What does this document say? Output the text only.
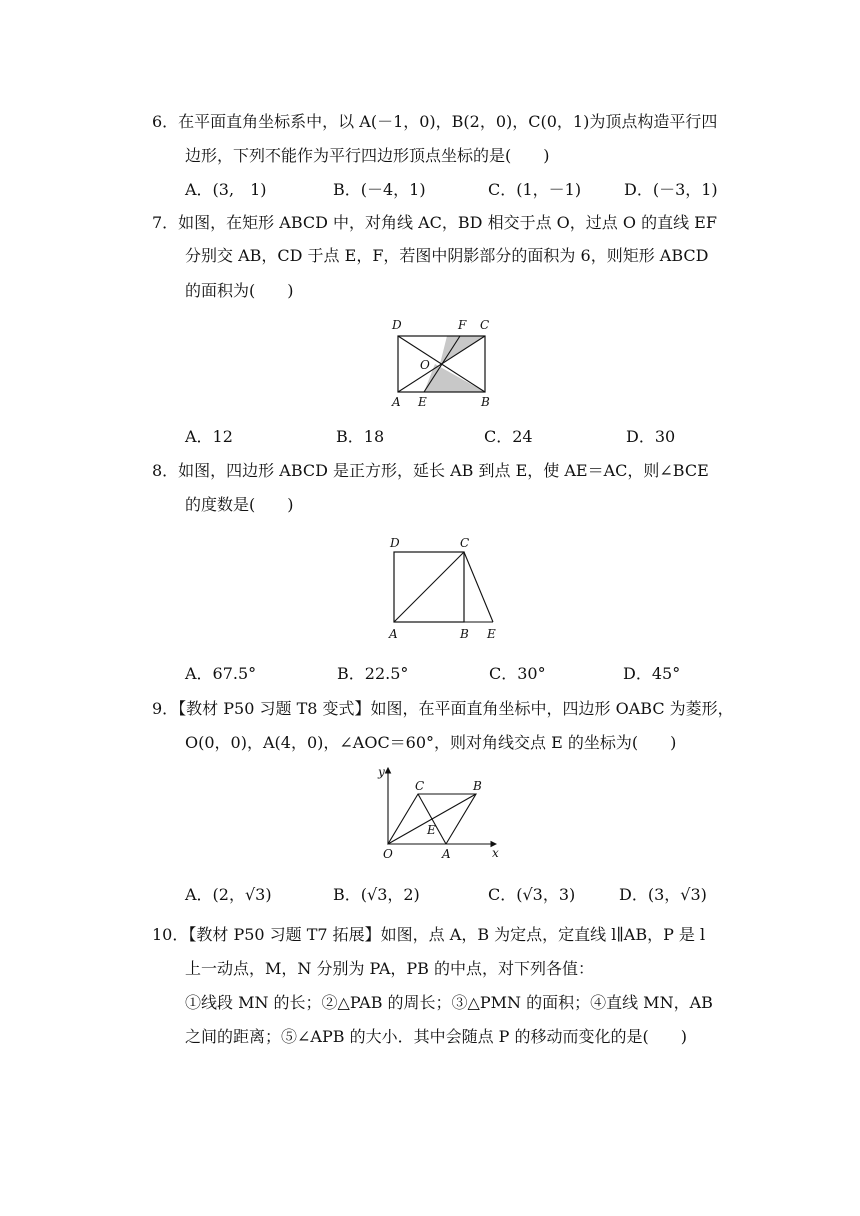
6．在平面直角坐标系中，以 A(－1，0)，B(2，0)，C(0，1)为顶点构造平行四
边形，下列不能作为平行四边形顶点坐标的是(　　)
A．(3,　1)	B．(－4，1)	C．(1，－1)	D．(－3，1)
7．如图，在矩形 ABCD 中，对角线 AC，BD 相交于点 O，过点 O 的直线 EF
分别交 AB，CD 于点 E，F，若图中阴影部分的面积为 6，则矩形 ABCD
的面积为(　　)
D	F C
O
A E	B
A．12	B．18	C．24	D．30
8．如图，四边形 ABCD 是正方形，延长 AB 到点 E，使 AE＝AC，则∠BCE
的度数是(　　)
D	C
A	B E
A．67.5°	B．22.5°	C．30°	D．45°
9．【教材 P50 习题 T8 变式】如图，在平面直角坐标中，四边形 OABC 为菱形，
O(0，0)，A(4，0)，∠AOC＝60°，则对角线交点 E 的坐标为(　　)
y
x
C	B
E
O	A
A．(2，√3)	B．(√3，2)	C．(√3，3)	D．(3，√3)
10．【教材 P50 习题 T7 拓展】如图，点 A，B 为定点，定直线 l∥AB，P 是 l
上一动点，M，N 分别为 PA，PB 的中点，对下列各值：
①线段 MN 的长；②△PAB 的周长；③△PMN 的面积；④直线 MN，AB
之间的距离；⑤∠APB 的大小．其中会随点 P 的移动而变化的是(　　)
